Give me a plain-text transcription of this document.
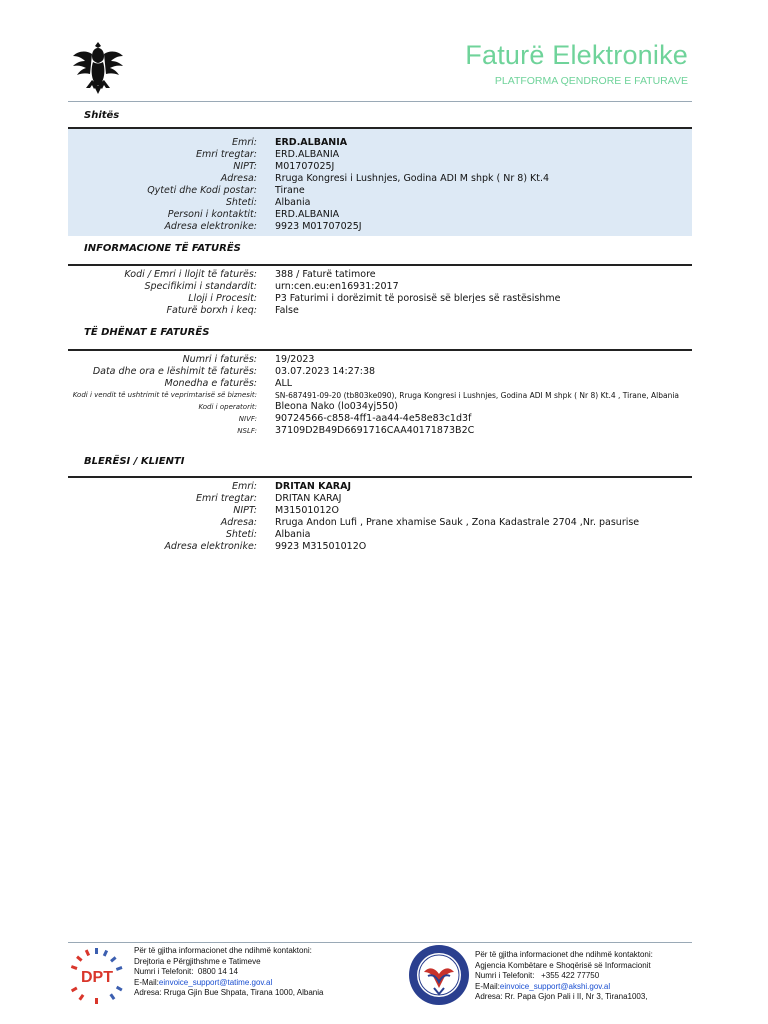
Faturë Elektronike
PLATFORMA QENDRORE E FATURAVE
Shitës
Emri: ERD.ALBANIA
Emri tregtar: ERD.ALBANIA
NIPT: M01707025J
Adresa: Rruga Kongresi i Lushnjes, Godina ADI M shpk ( Nr 8) Kt.4
Qyteti dhe Kodi postar: Tirane
Shteti: Albania
Personi i kontaktit: ERD.ALBANIA
Adresa elektronike: 9923 M01707025J
INFORMACIONE TË FATURËS
Kodi / Emri i llojit të faturës: 388 / Faturë tatimore
Specifikimi i standardit: urn:cen.eu:en16931:2017
Lloji i Procesit: P3 Faturimi i dorëzimit të porosisë së blerjes së rastësishme
Faturë borxh i keq: False
TË DHËNAT E FATURËS
Numri i faturës: 19/2023
Data dhe ora e lëshimit të faturës: 03.07.2023 14:27:38
Monedha e faturës: ALL
Kodi i vendit të ushtrimit të veprimtarisë së biznesit: SN-687491-09-20 (tb803ke090), Rruga Kongresi i Lushnjes, Godina ADI M shpk ( Nr 8) Kt.4 , Tirane, Albania
Kodi i operatorit: Bleona Nako (lo034yj550)
NIVF: 90724566-c858-4ff1-aa44-4e58e83c1d3f
NSLF: 37109D2B49D6691716CAA40171873B2C
BLERËSI / KLIENTI
Emri: DRITAN KARAJ
Emri tregtar: DRITAN KARAJ
NIPT: M31501012O
Adresa: Rruga Andon Lufi , Prane xhamise Sauk , Zona Kadastrale 2704 ,Nr. pasurise
Shteti: Albania
Adresa elektronike: 9923 M31501012O
DPT
Për të gjitha informacionet dhe ndihmë kontaktoni:
Drejtoria e Përgjithshme e Tatimeve
Numri i Telefonit: 0800 14 14
E-Mail:einvoice_support@tatime.gov.al
Adresa: Rruga Gjin Bue Shpata, Tirana 1000, Albania
Për të gjitha informacionet dhe ndihmë kontaktoni:
Agjencia Kombëtare e Shoqërisë së Informacionit
Numri i Telefonit: +355 422 77750
E-Mail:einvoice_support@akshi.gov.al
Adresa: Rr. Papa Gjon Pali i II, Nr 3, Tirana1003,
